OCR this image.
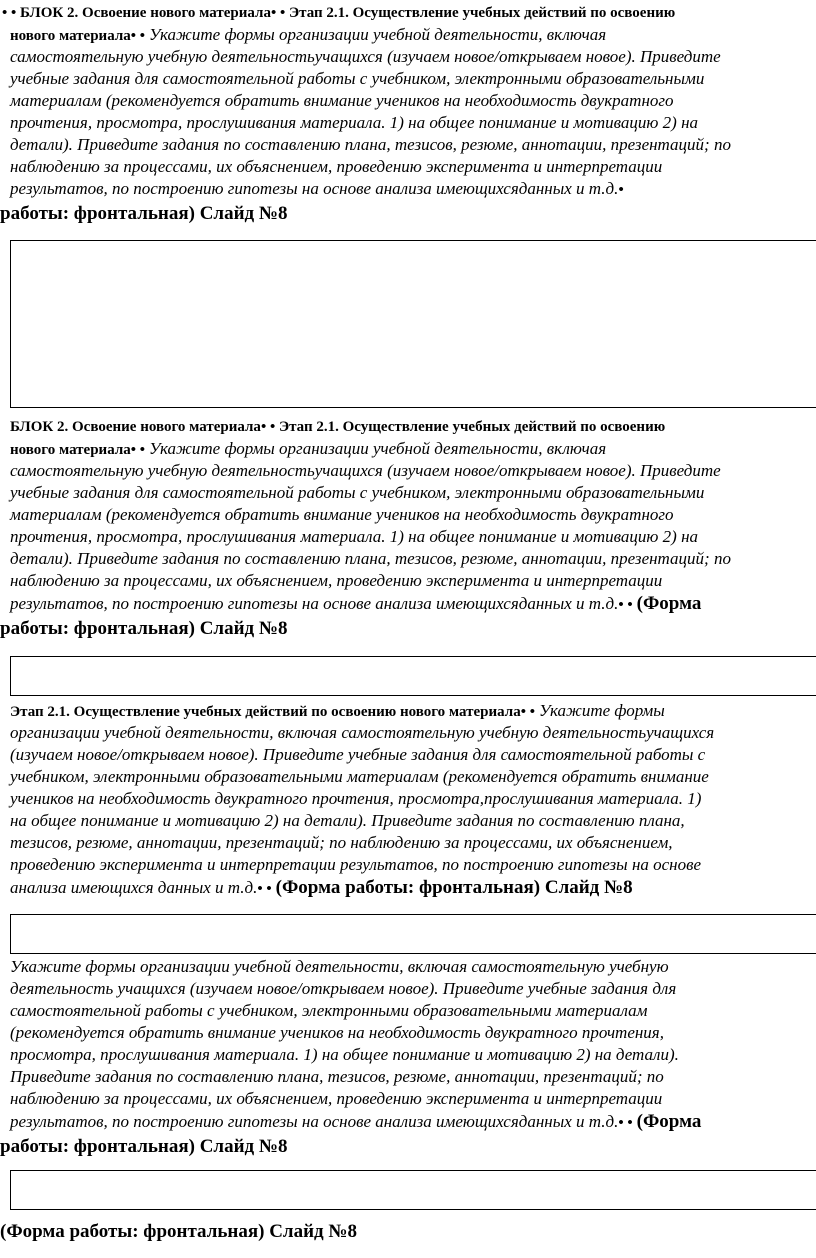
• • БЛОК 2. Освоение нового материала• • Этап 2.1. Осуществление учебных действий по освоению
нового материала• • Укажите формы организации учебной деятельности, включая
самостоятельную учебную деятельностьучащихся (изучаем новое/открываем новое). Приведите
учебные задания для самостоятельной работы с учебником, электронными образовательными
материалам (рекомендуется обратить внимание учеников на необходимость двукратного
прочтения, просмотра, прослушивания материала. 1) на общее понимание и мотивацию 2) на
детали). Приведите задания по составлению плана, тезисов, резюме, аннотации, презентаций; по
наблюдению за процессами, их объяснением, проведению эксперимента и интерпретации
результатов, по построению гипотезы на основе анализа имеющихсяданных и т.д.•
работы: фронтальная) Слайд №8
БЛОК 2. Освоение нового материала• • Этап 2.1. Осуществление учебных действий по освоению
нового материала• • Укажите формы организации учебной деятельности, включая
самостоятельную учебную деятельностьучащихся (изучаем новое/открываем новое). Приведите
учебные задания для самостоятельной работы с учебником, электронными образовательными
материалам (рекомендуется обратить внимание учеников на необходимость двукратного
прочтения, просмотра, прослушивания материала. 1) на общее понимание и мотивацию 2) на
детали). Приведите задания по составлению плана, тезисов, резюме, аннотации, презентаций; по
наблюдению за процессами, их объяснением, проведению эксперимента и интерпретации
результатов, по построению гипотезы на основе анализа имеющихсяданных и т.д.• • (Форма
работы: фронтальная) Слайд №8
Этап 2.1. Осуществление учебных действий по освоению нового материала• • Укажите формы
организации учебной деятельности, включая самостоятельную учебную деятельностьучащихся
(изучаем новое/открываем новое). Приведите учебные задания для самостоятельной работы с
учебником, электронными образовательными материалам (рекомендуется обратить внимание
учеников на необходимость двукратного прочтения, просмотра,прослушивания материала. 1)
на общее понимание и мотивацию 2) на детали). Приведите задания по составлению плана,
тезисов, резюме, аннотации, презентаций; по наблюдению за процессами, их объяснением,
проведению эксперимента и интерпретации результатов, по построению гипотезы на основе
анализа имеющихся данных и т.д.• • (Форма работы: фронтальная) Слайд №8
Укажите формы организации учебной деятельности, включая самостоятельную учебную
деятельность учащихся (изучаем новое/открываем новое). Приведите учебные задания для
самостоятельной работы с учебником, электронными образовательными материалам
(рекомендуется обратить внимание учеников на необходимость двукратного прочтения,
просмотра, прослушивания материала. 1) на общее понимание и мотивацию 2) на детали).
Приведите задания по составлению плана, тезисов, резюме, аннотации, презентаций; по
наблюдению за процессами, их объяснением, проведению эксперимента и интерпретации
результатов, по построению гипотезы на основе анализа имеющихсяданных и т.д.• • (Форма
работы: фронтальная) Слайд №8
(Форма работы: фронтальная) Слайд №8
